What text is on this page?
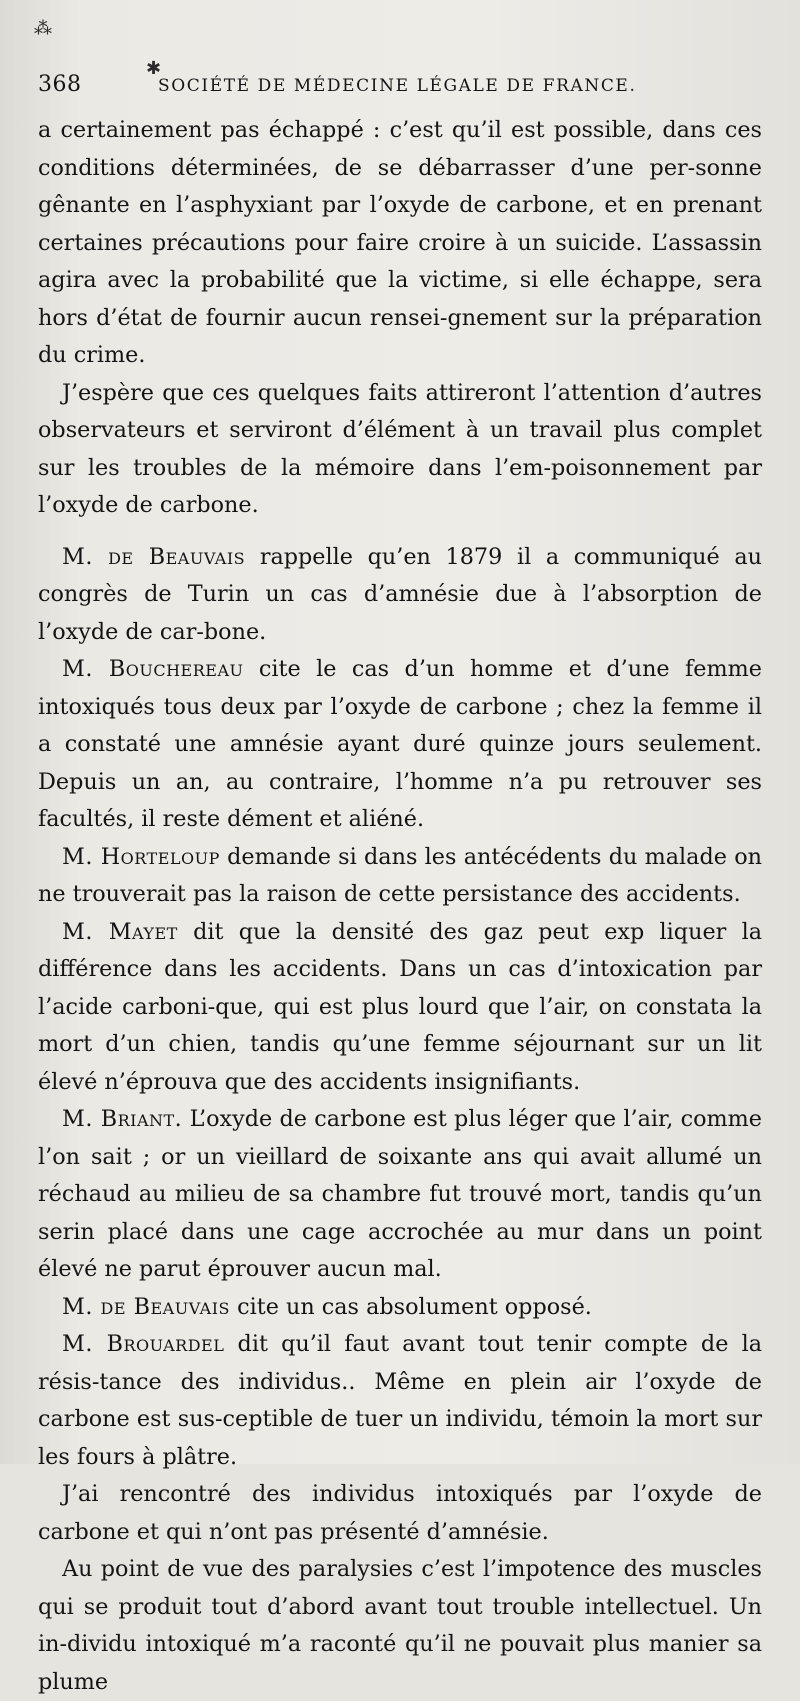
⁂
✱
368	SOCIÉTÉ DE MÉDECINE LÉGALE DE FRANCE.

a certainement pas échappé : c’est qu’il est possible, dans ces conditions déterminées, de se débarrasser d’une per-sonne gênante en l’asphyxiant par l’oxyde de carbone, et en prenant certaines précautions pour faire croire à un suicide. L’assassin agira avec la probabilité que la victime, si elle échappe, sera hors d’état de fournir aucun rensei-gnement sur la préparation du crime.

J’espère que ces quelques faits attireront l’attention d’autres observateurs et serviront d’élément à un travail plus complet sur les troubles de la mémoire dans l’em-poisonnement par l’oxyde de carbone.

M. de Beauvais rappelle qu’en 1879 il a communiqué au congrès de Turin un cas d’amnésie due à l’absorption de l’oxyde de car-bone.

M. Bouchereau cite le cas d’un homme et d’une femme intoxiqués tous deux par l’oxyde de carbone ; chez la femme il a constaté une amnésie ayant duré quinze jours seulement. Depuis un an, au contraire, l’homme n’a pu retrouver ses facultés, il reste dément et aliéné.

M. Horteloup demande si dans les antécédents du malade on ne trouverait pas la raison de cette persistance des accidents.

M. Mayet dit que la densité des gaz peut exp liquer la différence dans les accidents. Dans un cas d’intoxication par l’acide carboni-que, qui est plus lourd que l’air, on constata la mort d’un chien, tandis qu’une femme séjournant sur un lit élevé n’éprouva que des accidents insignifiants.

M. Briant. L’oxyde de carbone est plus léger que l’air, comme l’on sait ; or un vieillard de soixante ans qui avait allumé un réchaud au milieu de sa chambre fut trouvé mort, tandis qu’un serin placé dans une cage accrochée au mur dans un point élevé ne parut éprouver aucun mal.

M. de Beauvais cite un cas absolument opposé.

M. Brouardel dit qu’il faut avant tout tenir compte de la résis-tance des individus.. Même en plein air l’oxyde de carbone est sus-ceptible de tuer un individu, témoin la mort sur les fours à plâtre.

J’ai rencontré des individus intoxiqués par l’oxyde de carbone et qui n’ont pas présenté d’amnésie.

Au point de vue des paralysies c’est l’impotence des muscles qui se produit tout d’abord avant tout trouble intellectuel. Un in-dividu intoxiqué m’a raconté qu’il ne pouvait plus manier sa plume
